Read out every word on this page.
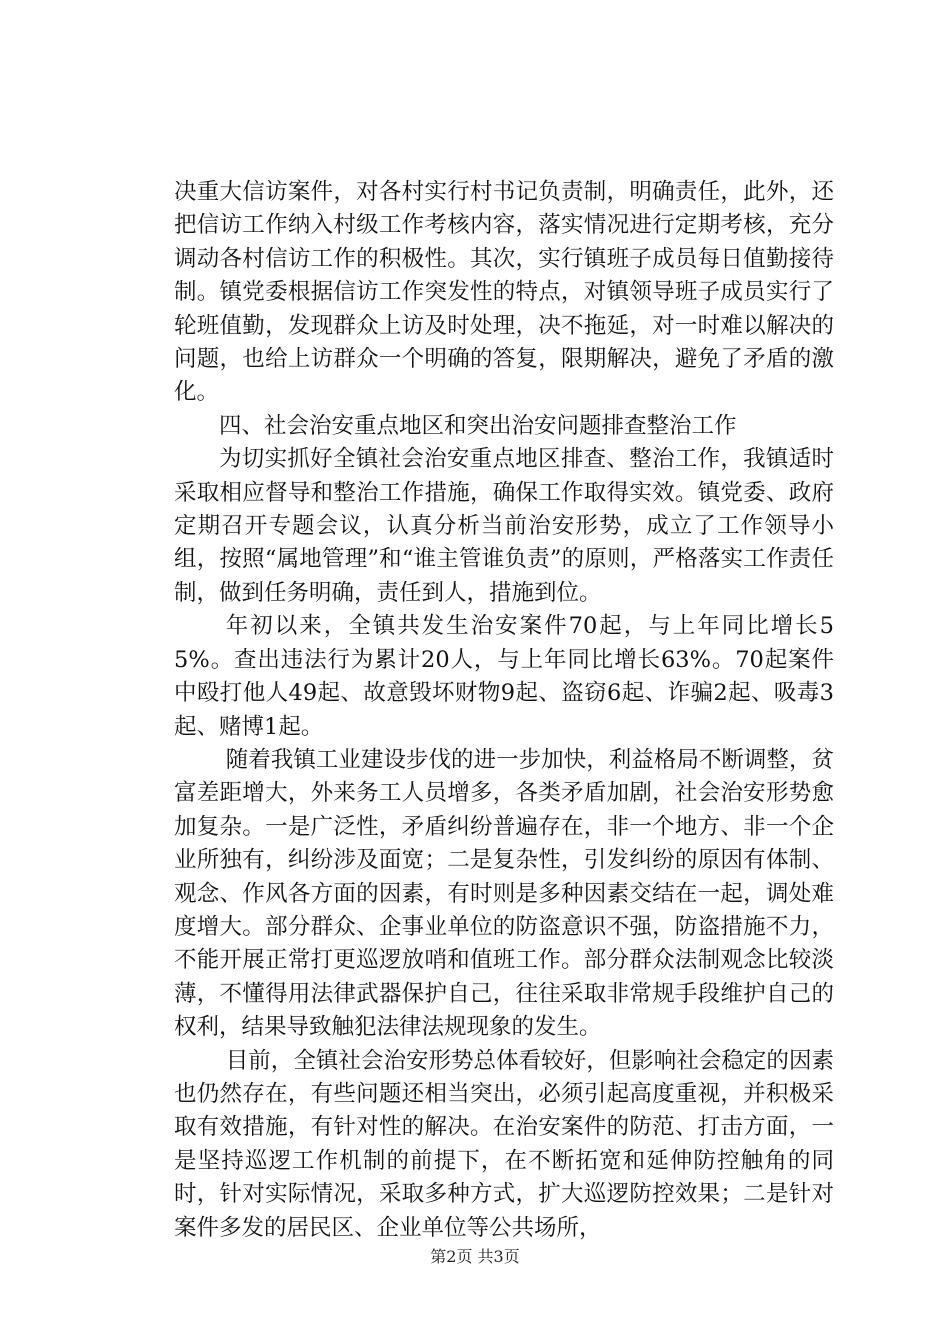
决重大信访案件，对各村实行村书记负责制，明确责任，此外，还把信访工作纳入村级工作考核内容，落实情况进行定期考核，充分调动各村信访工作的积极性。其次，实行镇班子成员每日值勤接待制。镇党委根据信访工作突发性的特点，对镇领导班子成员实行了轮班值勤，发现群众上访及时处理，决不拖延，对一时难以解决的问题，也给上访群众一个明确的答复，限期解决，避免了矛盾的激化。

四、社会治安重点地区和突出治安问题排查整治工作

为切实抓好全镇社会治安重点地区排查、整治工作，我镇适时采取相应督导和整治工作措施，确保工作取得实效。镇党委、政府定期召开专题会议，认真分析当前治安形势，成立了工作领导小组，按照“属地管理”和“谁主管谁负责”的原则，严格落实工作责任制，做到任务明确，责任到人，措施到位。

年初以来，全镇共发生治安案件70起，与上年同比增长55%。查出违法行为累计20人，与上年同比增长63%。70起案件中殴打他人49起、故意毁坏财物9起、盗窃6起、诈骗2起、吸毒3起、赌博1起。

随着我镇工业建设步伐的进一步加快，利益格局不断调整，贫富差距增大，外来务工人员增多，各类矛盾加剧，社会治安形势愈加复杂。一是广泛性，矛盾纠纷普遍存在，非一个地方、非一个企业所独有，纠纷涉及面宽；二是复杂性，引发纠纷的原因有体制、观念、作风各方面的因素，有时则是多种因素交结在一起，调处难度增大。部分群众、企事业单位的防盗意识不强，防盗措施不力，不能开展正常打更巡逻放哨和值班工作。部分群众法制观念比较淡薄，不懂得用法律武器保护自己，往往采取非常规手段维护自己的权利，结果导致触犯法律法规现象的发生。

目前，全镇社会治安形势总体看较好，但影响社会稳定的因素也仍然存在，有些问题还相当突出，必须引起高度重视，并积极采取有效措施，有针对性的解决。在治安案件的防范、打击方面，一是坚持巡逻工作机制的前提下，在不断拓宽和延伸防控触角的同时，针对实际情况，采取多种方式，扩大巡逻防控效果；二是针对案件多发的居民区、企业单位等公共场所，

第2页 共3页
